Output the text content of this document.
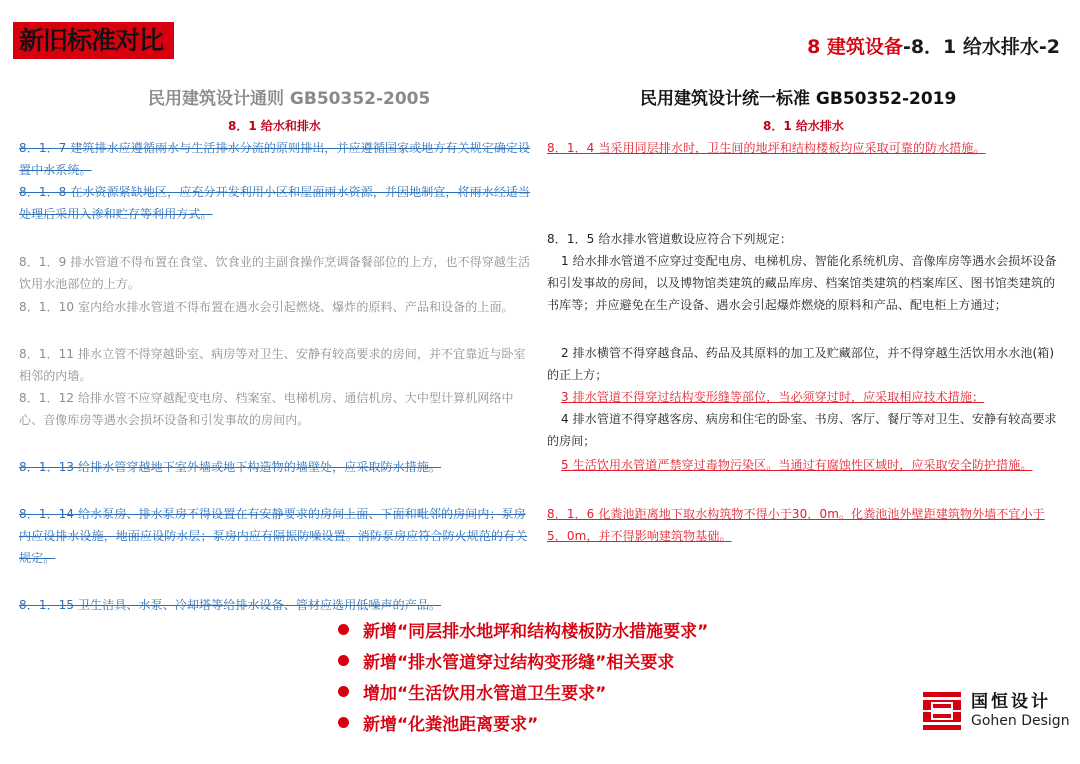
新旧标准对比	8 建筑设备-8．1 给水排水-2
民用建筑设计通则 GB50352-2005	民用建筑设计统一标准 GB50352-2019
8．1 给水和排水	8．1 给水排水
8．1．7 建筑排水应遵循雨水与生活排水分流的原则排出，并应遵循国家或地方有关规定确定设置中水系统。
8．1．8 在水资源紧缺地区，应充分开发利用小区和屋面雨水资源，并因地制宜，将雨水经适当处理后采用入渗和贮存等利用方式。
8．1．9 排水管道不得布置在食堂、饮食业的主副食操作烹调备餐部位的上方，也不得穿越生活饮用水池部位的上方。
8．1．10 室内给水排水管道不得布置在遇水会引起燃烧、爆炸的原料、产品和设备的上面。
8．1．11 排水立管不得穿越卧室、病房等对卫生、安静有较高要求的房间，并不宜靠近与卧室相邻的内墙。
8．1．12 给排水管不应穿越配变电房、档案室、电梯机房、通信机房、大中型计算机网络中心、音像库房等遇水会损坏设备和引发事故的房间内。
8．1．13 给排水管穿越地下室外墙或地下构造物的墙壁处，应采取防水措施。
8．1．14 给水泵房、排水泵房不得设置在有安静要求的房间上面、下面和毗邻的房间内；泵房内应设排水设施，地面应设防水层；泵房内应有隔振防噪设置。消防泵房应符合防火规范的有关规定。
8．1．15 卫生洁具、水泵、冷却塔等给排水设备、管材应选用低噪声的产品。
8．1．4 当采用同层排水时，卫生间的地坪和结构楼板均应采取可靠的防水措施。
8．1．5 给水排水管道敷设应符合下列规定：
1 给水排水管道不应穿过变配电房、电梯机房、智能化系统机房、音像库房等遇水会损坏设备和引发事故的房间，以及博物馆类建筑的藏品库房、档案馆类建筑的档案库区、图书馆类建筑的书库等；并应避免在生产设备、遇水会引起爆炸燃烧的原料和产品、配电柜上方通过；
2 排水横管不得穿越食品、药品及其原料的加工及贮藏部位，并不得穿越生活饮用水水池(箱)的正上方；
3 排水管道不得穿过结构变形缝等部位，当必须穿过时，应采取相应技术措施；
4 排水管道不得穿越客房、病房和住宅的卧室、书房、客厅、餐厅等对卫生、安静有较高要求的房间；
5 生活饮用水管道严禁穿过毒物污染区。当通过有腐蚀性区域时，应采取安全防护措施。
8．1．6 化粪池距离地下取水构筑物不得小于30．0m。化粪池池外壁距建筑物外墙不宜小于5．0m，并不得影响建筑物基础。
新增“同层排水地坪和结构楼板防水措施要求”
新增“排水管道穿过结构变形缝”相关要求
增加“生活饮用水管道卫生要求”
新增“化粪池距离要求”
国恒设计
Gohen Design
